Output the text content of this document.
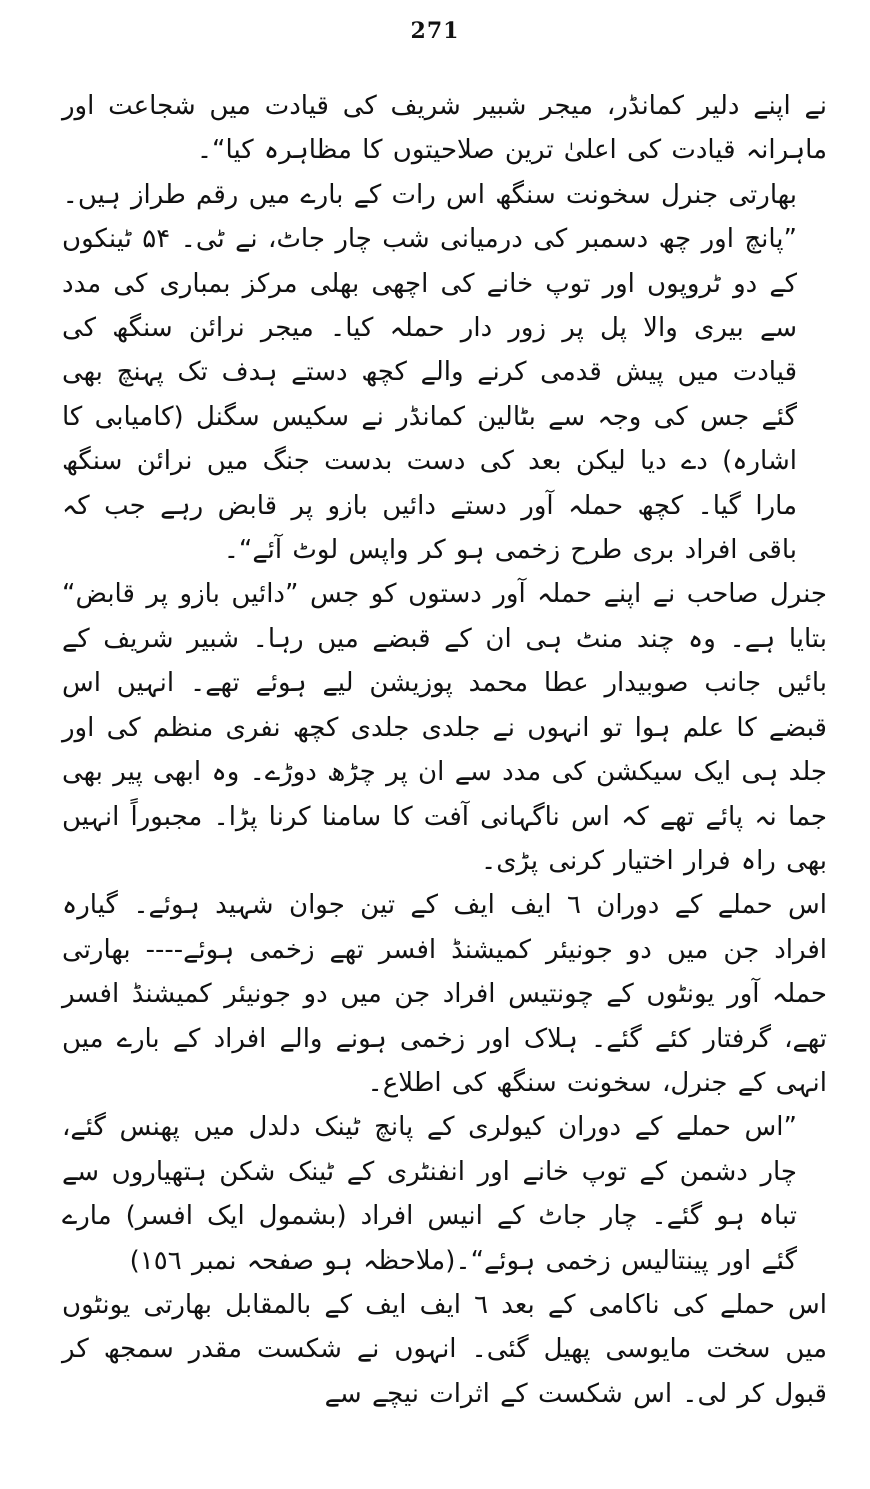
271

نے اپنے دلیر کمانڈر، میجر شبیر شریف کی قیادت میں شجاعت اور ماہرانہ قیادت کی اعلیٰ ترین صلاحیتوں کا مظاہرہ کیا“۔

بھارتی جنرل سخونت سنگھ اس رات کے بارے میں رقم طراز ہیں۔

”پانچ اور چھ دسمبر کی درمیانی شب چار جاٹ، نے ٹی۔ ۵۴ ٹینکوں کے دو ٹروپوں اور توپ خانے کی اچھی بھلی مرکز بمباری کی مدد سے بیری والا پل پر زور دار حملہ کیا۔ میجر نرائن سنگھ کی قیادت میں پیش قدمی کرنے والے کچھ دستے ہدف تک پہنچ بھی گئے جس کی وجہ سے بٹالین کمانڈر نے سکیس سگنل (کامیابی کا اشارہ) دے دیا لیکن بعد کی دست بدست جنگ میں نرائن سنگھ مارا گیا۔ کچھ حملہ آور دستے دائیں بازو پر قابض رہے جب کہ باقی افراد بری طرح زخمی ہو کر واپس لوٹ آئے“۔

جنرل صاحب نے اپنے حملہ آور دستوں کو جس ”دائیں بازو پر قابض“ بتایا ہے۔ وہ چند منٹ ہی ان کے قبضے میں رہا۔ شبیر شریف کے بائیں جانب صوبیدار عطا محمد پوزیشن لیے ہوئے تھے۔ انہیں اس قبضے کا علم ہوا تو انہوں نے جلدی جلدی کچھ نفری منظم کی اور جلد ہی ایک سیکشن کی مدد سے ان پر چڑھ دوڑے۔ وہ ابھی پیر بھی جما نہ پائے تھے کہ اس ناگہانی آفت کا سامنا کرنا پڑا۔ مجبوراً انہیں بھی راہ فرار اختیار کرنی پڑی۔

اس حملے کے دوران ٦ ایف ایف کے تین جوان شہید ہوئے۔ گیارہ افراد جن میں دو جونیئر کمیشنڈ افسر تھے زخمی ہوئے---- بھارتی حملہ آور یونٹوں کے چونتیس افراد جن میں دو جونیئر کمیشنڈ افسر تھے، گرفتار کئے گئے۔ ہلاک اور زخمی ہونے والے افراد کے بارے میں انہی کے جنرل، سخونت سنگھ کی اطلاع۔

”اس حملے کے دوران کیولری کے پانچ ٹینک دلدل میں پھنس گئے، چار دشمن کے توپ خانے اور انفنٹری کے ٹینک شکن ہتھیاروں سے تباہ ہو گئے۔ چار جاٹ کے انیس افراد (بشمول ایک افسر) مارے گئے اور پینتالیس زخمی ہوئے“۔(ملاحظہ ہو صفحہ نمبر ١٥٦)

اس حملے کی ناکامی کے بعد ٦ ایف ایف کے بالمقابل بھارتی یونٹوں میں سخت مایوسی پھیل گئی۔ انہوں نے شکست مقدر سمجھ کر قبول کر لی۔ اس شکست کے اثرات نیچے سے
